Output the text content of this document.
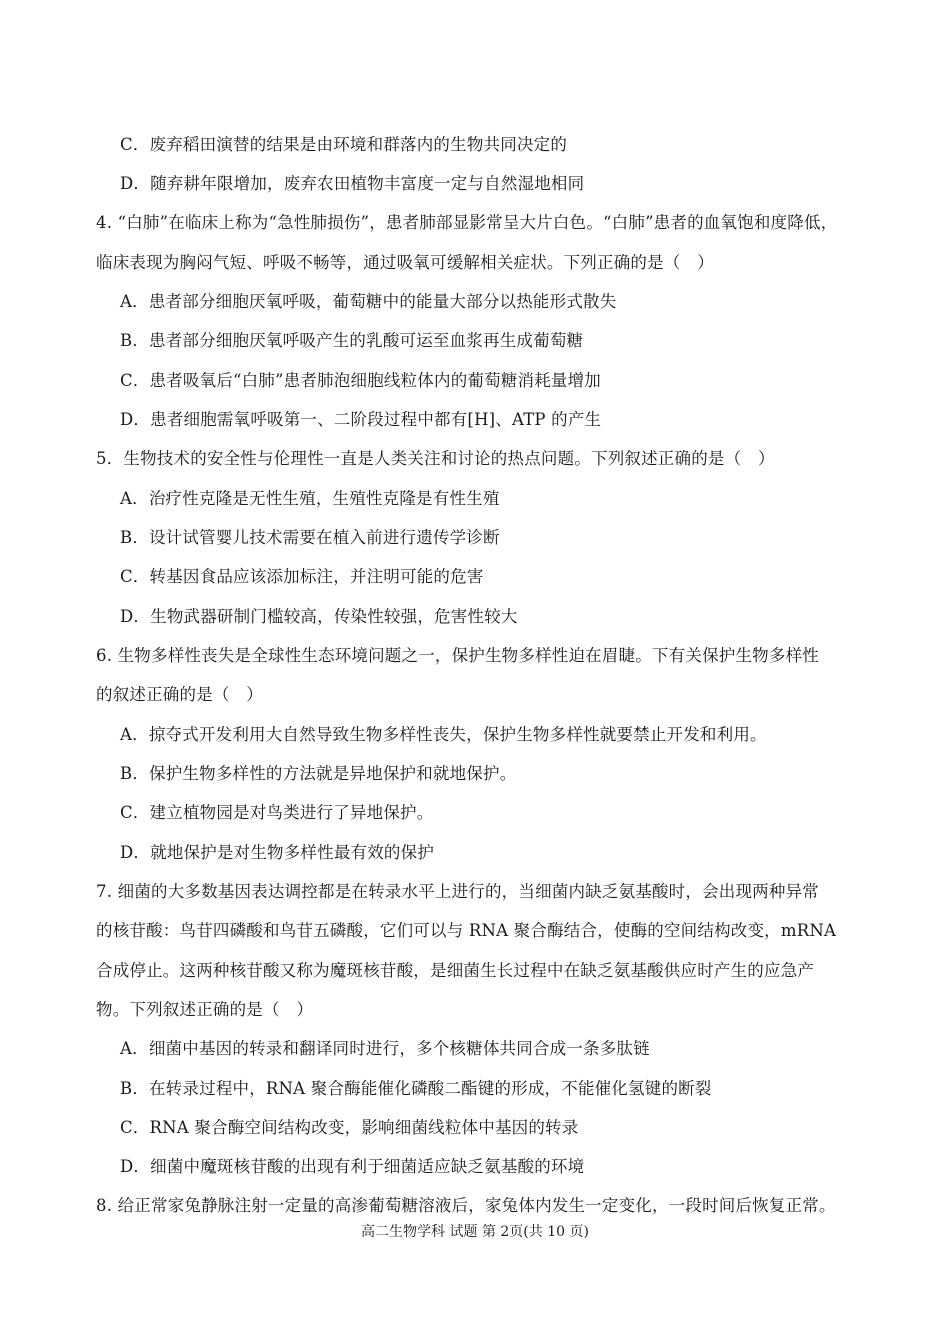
C．废弃稻田演替的结果是由环境和群落内的生物共同决定的
D．随弃耕年限增加，废弃农田植物丰富度一定与自然湿地相同
4. “白肺”在临床上称为“急性肺损伤”，患者肺部显影常呈大片白色。“白肺”患者的血氧饱和度降低，
临床表现为胸闷气短、呼吸不畅等，通过吸氧可缓解相关症状。下列正确的是（　）
A．患者部分细胞厌氧呼吸，葡萄糖中的能量大部分以热能形式散失
B．患者部分细胞厌氧呼吸产生的乳酸可运至血浆再生成葡萄糖
C．患者吸氧后“白肺”患者肺泡细胞线粒体内的葡萄糖消耗量增加
D．患者细胞需氧呼吸第一、二阶段过程中都有[H]、ATP 的产生
5．生物技术的安全性与伦理性一直是人类关注和讨论的热点问题。下列叙述正确的是（　）
A．治疗性克隆是无性生殖，生殖性克隆是有性生殖
B．设计试管婴儿技术需要在植入前进行遗传学诊断
C．转基因食品应该添加标注，并注明可能的危害
D．生物武器研制门槛较高，传染性较强，危害性较大
6. 生物多样性丧失是全球性生态环境问题之一，保护生物多样性迫在眉睫。下有关保护生物多样性
的叙述正确的是（　）
A．掠夺式开发利用大自然导致生物多样性丧失，保护生物多样性就要禁止开发和利用。
B．保护生物多样性的方法就是异地保护和就地保护。
C．建立植物园是对鸟类进行了异地保护。
D．就地保护是对生物多样性最有效的保护
7. 细菌的大多数基因表达调控都是在转录水平上进行的，当细菌内缺乏氨基酸时，会出现两种异常
的核苷酸：鸟苷四磷酸和鸟苷五磷酸，它们可以与 RNA 聚合酶结合，使酶的空间结构改变，mRNA
合成停止。这两种核苷酸又称为魔斑核苷酸，是细菌生长过程中在缺乏氨基酸供应时产生的应急产
物。下列叙述正确的是（　）
A．细菌中基因的转录和翻译同时进行，多个核糖体共同合成一条多肽链
B．在转录过程中，RNA 聚合酶能催化磷酸二酯键的形成，不能催化氢键的断裂
C．RNA 聚合酶空间结构改变，影响细菌线粒体中基因的转录
D．细菌中魔斑核苷酸的出现有利于细菌适应缺乏氨基酸的环境
8. 给正常家兔静脉注射一定量的高渗葡萄糖溶液后，家兔体内发生一定变化，一段时间后恢复正常。
高二生物学科 试题 第 2页(共 10 页)
